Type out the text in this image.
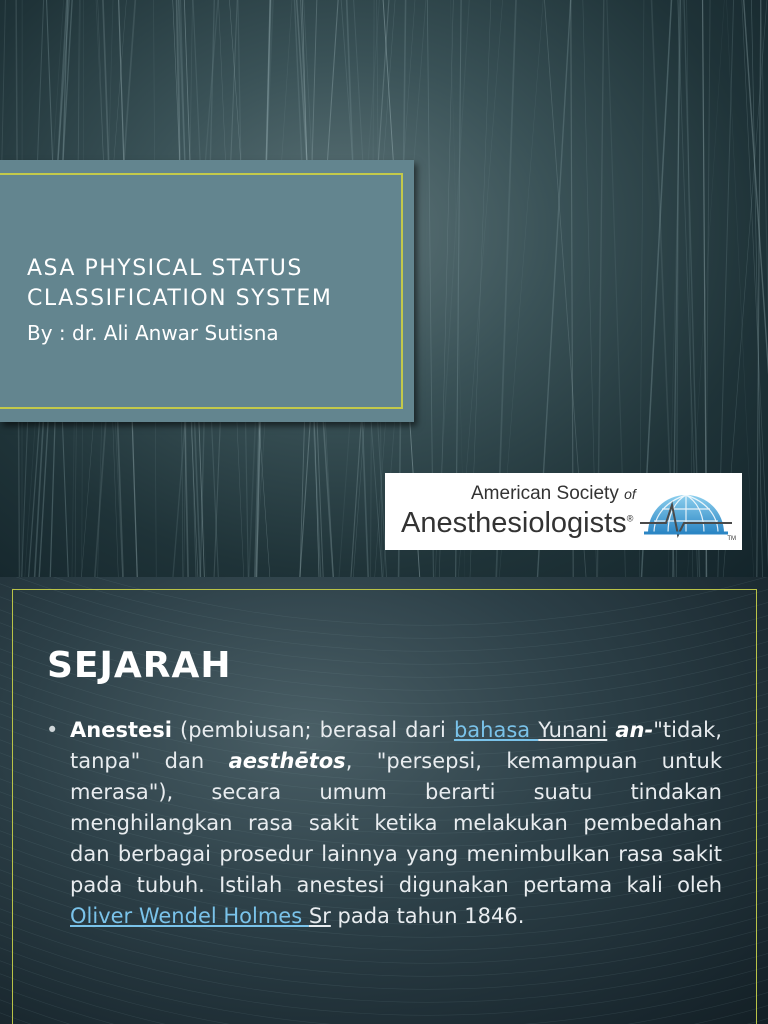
ASA PHYSICAL STATUS
CLASSIFICATION SYSTEM
By : dr. Ali Anwar Sutisna
American Society of
Anesthesiologists®
TM
SEJARAH

• Anestesi (pembiusan; berasal dari bahasa Yunani an-"tidak, tanpa" dan aesthētos, "persepsi, kemampuan untuk merasa"), secara umum berarti suatu tindakan menghilangkan rasa sakit ketika melakukan pembedahan dan berbagai prosedur lainnya yang menimbulkan rasa sakit pada tubuh. Istilah anestesi digunakan pertama kali oleh Oliver Wendel Holmes Sr pada tahun 1846.
